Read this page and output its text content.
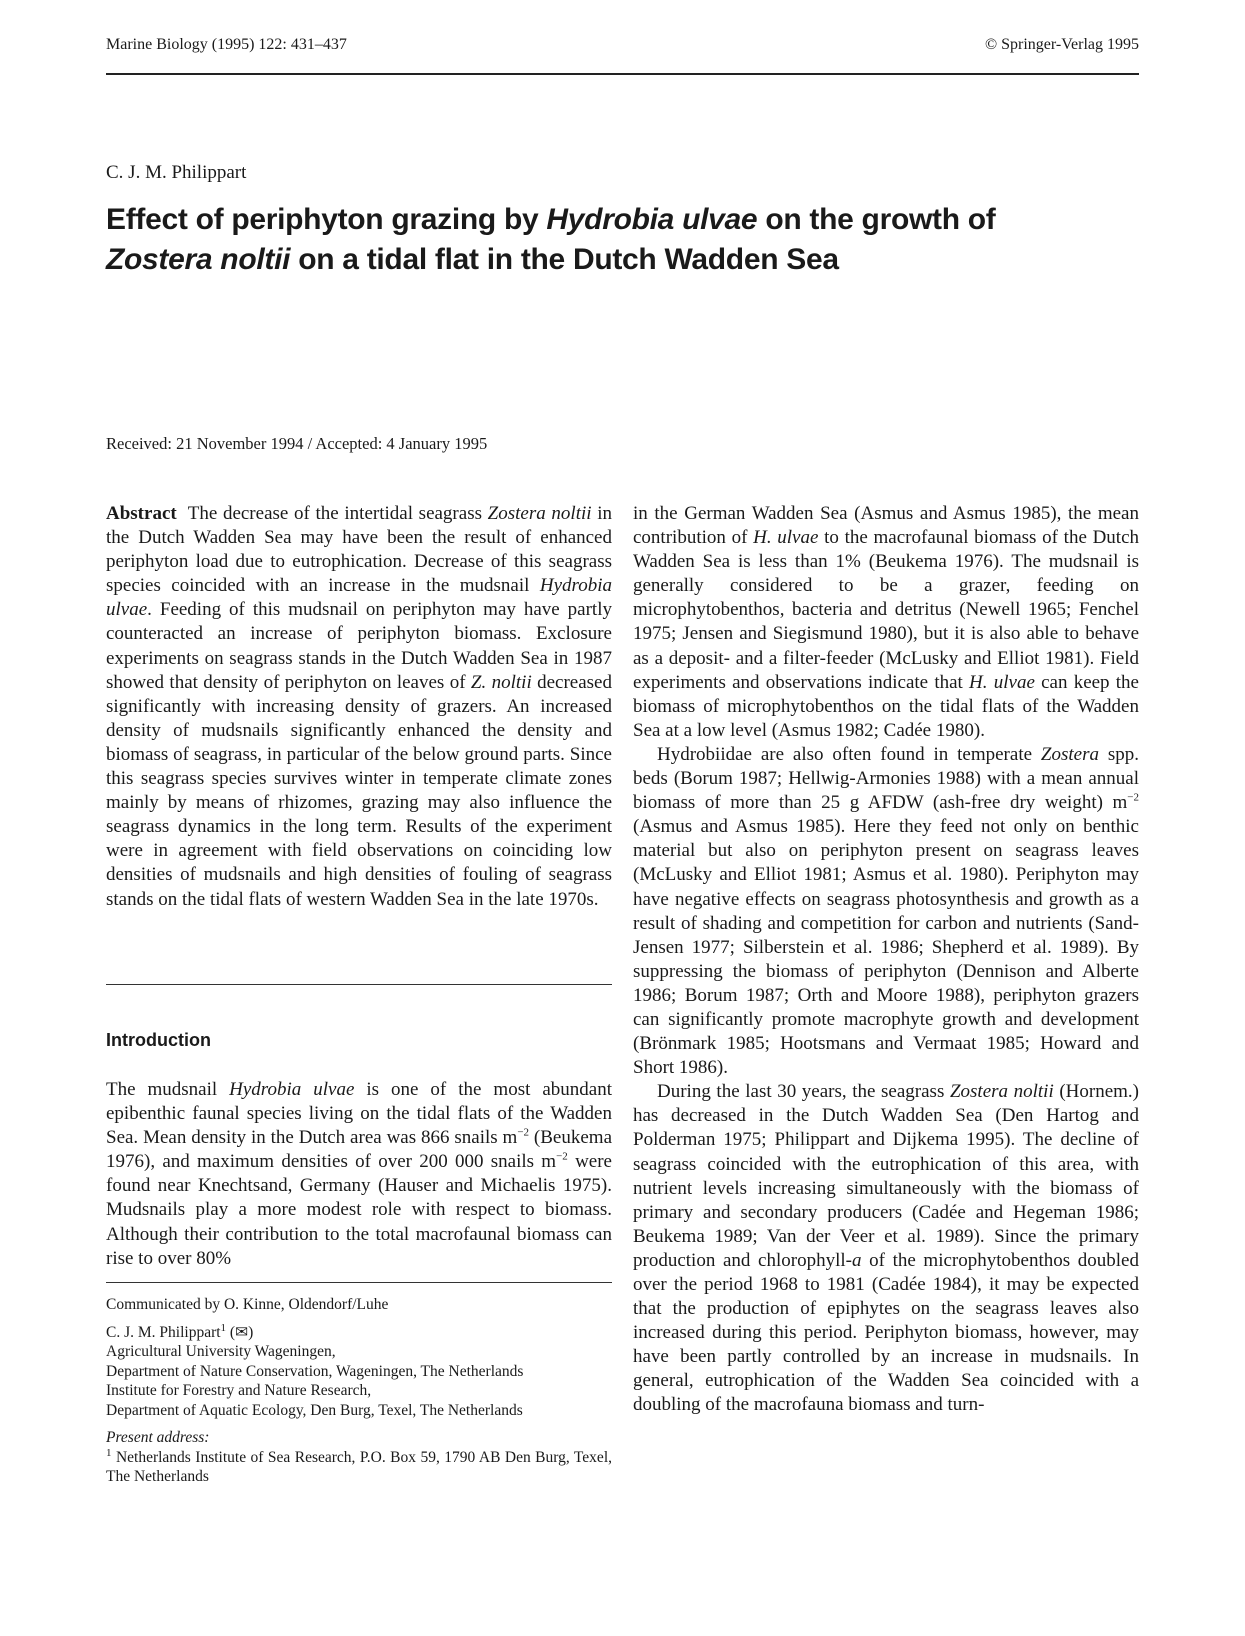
Marine Biology (1995) 122: 431–437	© Springer-Verlag 1995
C. J. M. Philippart
Effect of periphyton grazing by Hydrobia ulvae on the growth of
Zostera noltii on a tidal flat in the Dutch Wadden Sea
Received: 21 November 1994 / Accepted: 4 January 1995

Abstract  The decrease of the intertidal seagrass Zostera noltii in the Dutch Wadden Sea may have been the result of enhanced periphyton load due to eutrophication. Decrease of this seagrass species coincided with an increase in the mudsnail Hydrobia ulvae. Feeding of this mudsnail on periphyton may have partly counteracted an increase of periphyton biomass. Exclosure experiments on seagrass stands in the Dutch Wadden Sea in 1987 showed that density of periphyton on leaves of Z. noltii decreased significantly with increasing density of grazers. An increased density of mudsnails significantly enhanced the density and biomass of seagrass, in particular of the below ground parts. Since this seagrass species survives winter in temperate climate zones mainly by means of rhizomes, grazing may also influence the seagrass dynamics in the long term. Results of the experiment were in agreement with field observations on coinciding low densities of mudsnails and high densities of fouling of seagrass stands on the tidal flats of western Wadden Sea in the late 1970s.

Introduction

The mudsnail Hydrobia ulvae is one of the most abundant epibenthic faunal species living on the tidal flats of the Wadden Sea. Mean density in the Dutch area was 866 snails $m^{-2}$ (Beukema 1976), and maximum densities of over 200 000 snails $m^{-2}$ were found near Knechtsand, Germany (Hauser and Michaelis 1975). Mudsnails play a more modest role with respect to biomass. Although their contribution to the total macrofaunal biomass can rise to over 80%

Communicated by O. Kinne, Oldendorf/Luhe

C. J. M. Philippart$^1$ (✉)

Agricultural University Wageningen,

Department of Nature Conservation, Wageningen, The Netherlands

Institute for Forestry and Nature Research,

Department of Aquatic Ecology, Den Burg, Texel, The Netherlands

Present address:

$^1$ Netherlands Institute of Sea Research, P.O. Box 59, 1790 AB Den Burg, Texel, The Netherlands

in the German Wadden Sea (Asmus and Asmus 1985), the mean contribution of H. ulvae to the macrofaunal biomass of the Dutch Wadden Sea is less than 1% (Beukema 1976). The mudsnail is generally considered to be a grazer, feeding on microphytobenthos, bacteria and detritus (Newell 1965; Fenchel 1975; Jensen and Siegismund 1980), but it is also able to behave as a deposit- and a filter-feeder (McLusky and Elliot 1981). Field experiments and observations indicate that H. ulvae can keep the biomass of microphytobenthos on the tidal flats of the Wadden Sea at a low level (Asmus 1982; Cadée 1980).

Hydrobiidae are also often found in temperate Zostera spp. beds (Borum 1987; Hellwig-Armonies 1988) with a mean annual biomass of more than 25 g AFDW (ash-free dry weight) $m^{-2}$ (Asmus and Asmus 1985). Here they feed not only on benthic material but also on periphyton present on seagrass leaves (McLusky and Elliot 1981; Asmus et al. 1980). Periphyton may have negative effects on seagrass photosynthesis and growth as a result of shading and competition for carbon and nutrients (Sand-Jensen 1977; Silberstein et al. 1986; Shepherd et al. 1989). By suppressing the biomass of periphyton (Dennison and Alberte 1986; Borum 1987; Orth and Moore 1988), periphyton grazers can significantly promote macrophyte growth and development (Brönmark 1985; Hootsmans and Vermaat 1985; Howard and Short 1986).

During the last 30 years, the seagrass Zostera noltii (Hornem.) has decreased in the Dutch Wadden Sea (Den Hartog and Polderman 1975; Philippart and Dijkema 1995). The decline of seagrass coincided with the eutrophication of this area, with nutrient levels increasing simultaneously with the biomass of primary and secondary producers (Cadée and Hegeman 1986; Beukema 1989; Van der Veer et al. 1989). Since the primary production and chlorophyll-a of the microphytobenthos doubled over the period 1968 to 1981 (Cadée 1984), it may be expected that the production of epiphytes on the seagrass leaves also increased during this period. Periphyton biomass, however, may have been partly controlled by an increase in mudsnails. In general, eutrophication of the Wadden Sea coincided with a doubling of the macrofauna biomass and turn-
